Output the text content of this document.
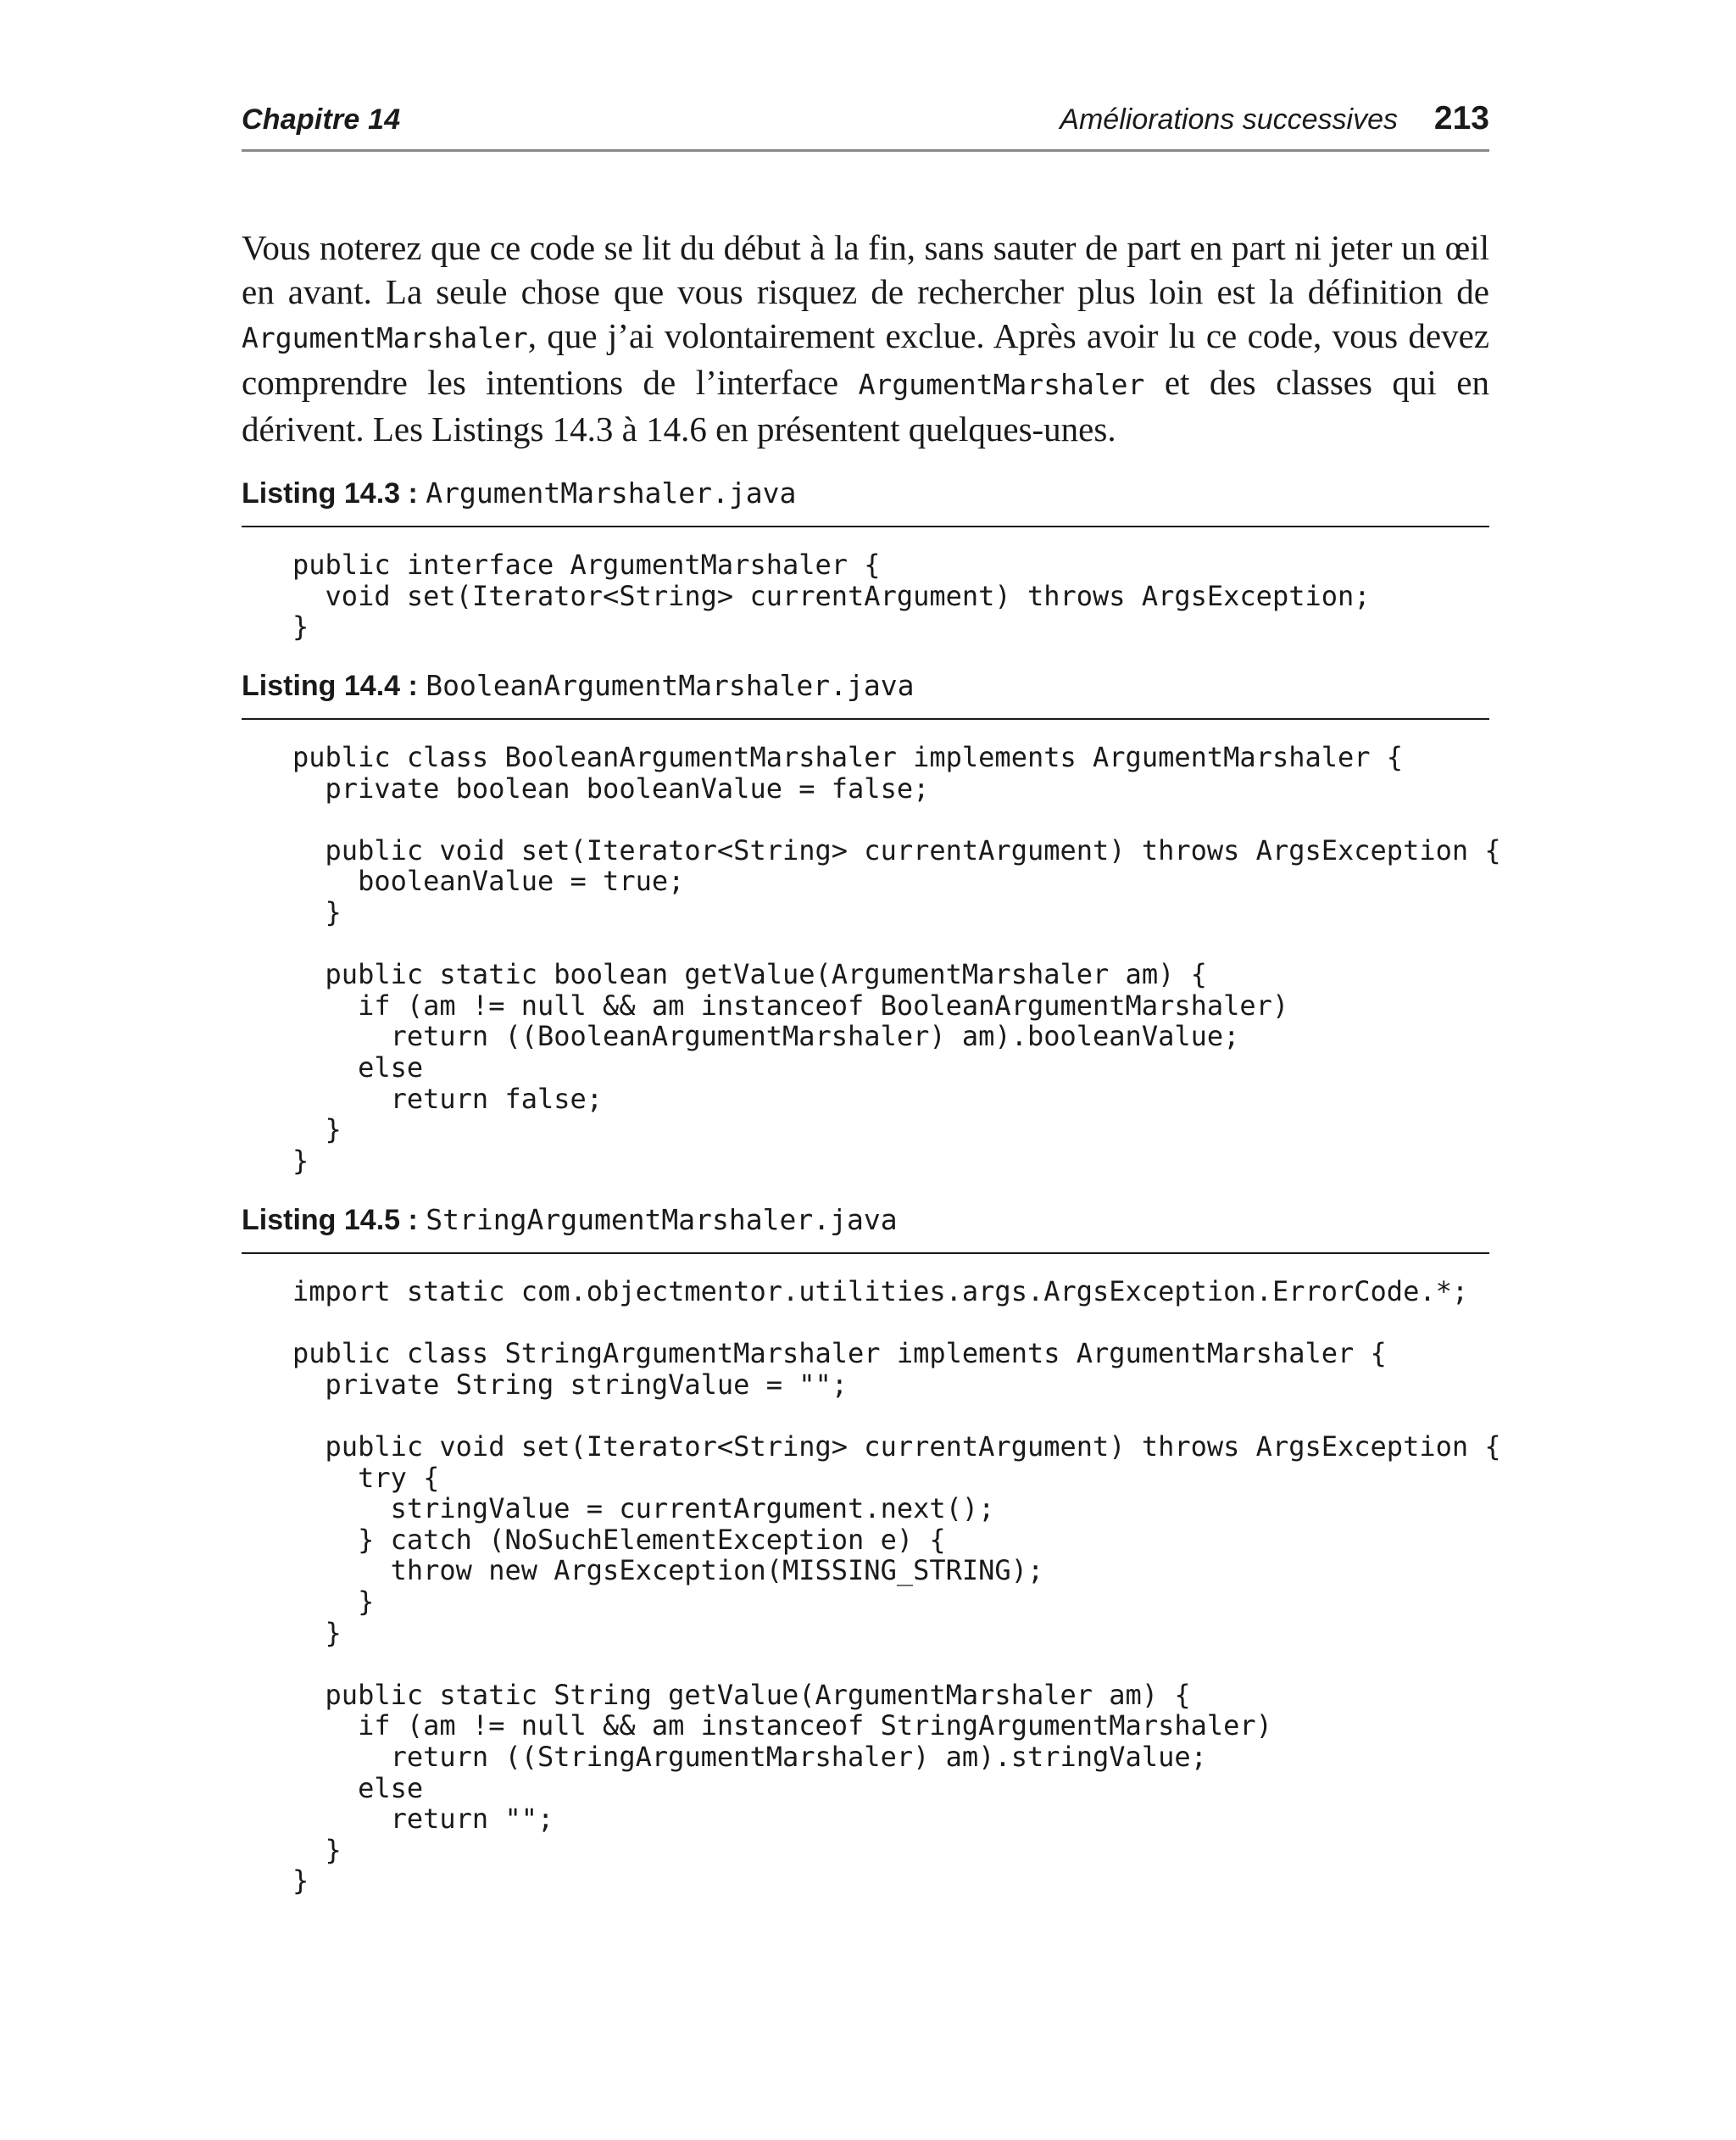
Chapitre 14	Améliorations successives 213

Vous noterez que ce code se lit du début à la fin, sans sauter de part en part ni jeter un œil en avant. La seule chose que vous risquez de rechercher plus loin est la définition de ArgumentMarshaler, que j’ai volontairement exclue. Après avoir lu ce code, vous devez comprendre les intentions de l’interface ArgumentMarshaler et des classes qui en dérivent. Les Listings 14.3 à 14.6 en présentent quelques-unes.

Listing 14.3 : ArgumentMarshaler.java
public interface ArgumentMarshaler {
void set(Iterator<String> currentArgument) throws ArgsException;
}
Listing 14.4 : BooleanArgumentMarshaler.java
public class BooleanArgumentMarshaler implements ArgumentMarshaler {
private boolean booleanValue = false;

public void set(Iterator<String> currentArgument) throws ArgsException {
booleanValue = true;
}

public static boolean getValue(ArgumentMarshaler am) {
if (am != null && am instanceof BooleanArgumentMarshaler)
return ((BooleanArgumentMarshaler) am).booleanValue;
else
return false;
}
}
Listing 14.5 : StringArgumentMarshaler.java
import static com.objectmentor.utilities.args.ArgsException.ErrorCode.*;

public class StringArgumentMarshaler implements ArgumentMarshaler {
private String stringValue = "";

public void set(Iterator<String> currentArgument) throws ArgsException {
try {
stringValue = currentArgument.next();
} catch (NoSuchElementException e) {
throw new ArgsException(MISSING_STRING);
}
}

public static String getValue(ArgumentMarshaler am) {
if (am != null && am instanceof StringArgumentMarshaler)
return ((StringArgumentMarshaler) am).stringValue;
else
return "";
}
}
